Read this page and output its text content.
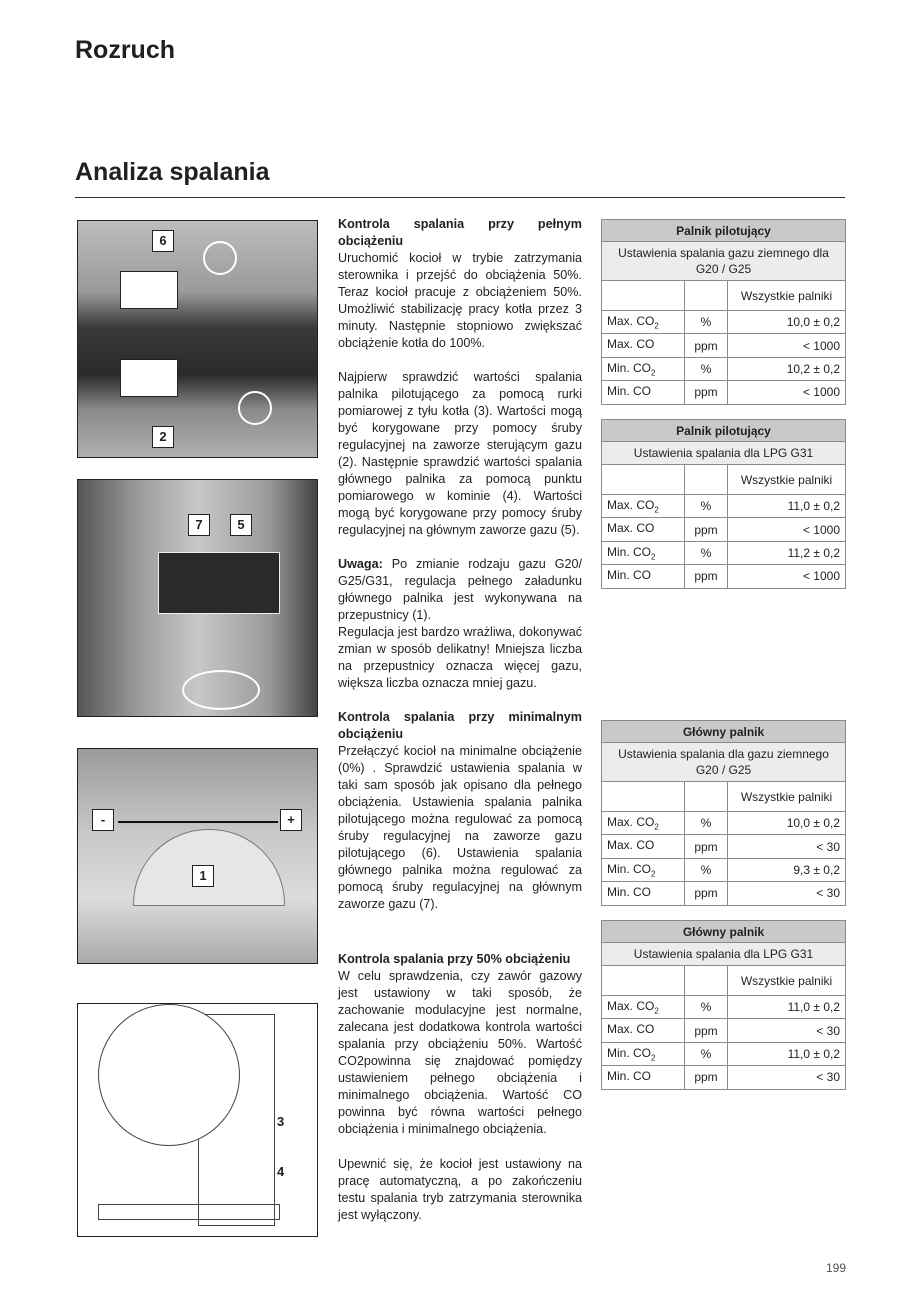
Rozruch
Analiza spalania
6
2
7	5
-	+
1
3
4

Kontrola spalania przy pełnym obciążeniu

Uruchomić kocioł w trybie zatrzymania sterownika i przejść do obciążenia 50%. Teraz kocioł pracuje z obciążeniem 50%. Umożliwić stabilizację pracy kotła przez 3 minuty. Następnie stopniowo zwiększać obciążenie kotła do 100%.

Najpierw sprawdzić wartości spalania palnika pilotującego za pomocą rurki pomiarowej z tyłu kotła (3). Wartości mogą być korygowane przy pomocy śruby regulacyjnej na zaworze sterującym gazu (2). Następnie sprawdzić wartości spalania głównego palnika za pomocą punktu pomiarowego w kominie (4). Wartości mogą być korygowane przy pomocy śruby regulacyjnej na głównym zaworze gazu (5).

Uwaga: Po zmianie rodzaju gazu G20/ G25/G31, regulacja pełnego załadunku głównego palnika jest wykonywana na przepustnicy (1).

Regulacja jest bardzo wrażliwa, dokonywać zmian w sposób delikatny! Mniejsza liczba na przepustnicy oznacza więcej gazu, większa liczba oznacza mniej gazu.

Kontrola spalania przy minimalnym obciążeniu

Przełączyć kocioł na minimalne obciążenie (0%) . Sprawdzić ustawienia spalania w taki sam sposób jak opisano dla pełnego obciążenia. Ustawienia spalania palnika pilotującego można regulować za pomocą śruby regulacyjnej na zaworze gazu pilotującego (6). Ustawienia spalania głównego palnika można regulować za pomocą śruby regulacyjnej na głównym zaworze gazu (7).

Kontrola spalania przy 50% obciążeniu

W celu sprawdzenia, czy zawór gazowy jest ustawiony w taki sposób, że zachowanie modulacyjne jest normalne, zalecana jest dodatkowa kontrola wartości spalania przy obciążeniu 50%. Wartość CO2powinna się znajdować pomiędzy ustawieniem pełnego obciążenia i minimalnego obciążenia. Wartość CO powinna być równa wartości pełnego obciążenia i minimalnego obciążenia.

Upewnić się, że kocioł jest ustawiony na pracę automatyczną, a po zakończeniu testu spalania tryb zatrzymania sterownika jest wyłączony.
Palnik pilotujący		
Ustawienia spalania gazu ziemnego dla G20 / G25		
		Wszystkie palniki
Max. $CO_2$	%	10,0 ± 0,2
Max. CO	ppm	< 1000
Min. $CO_2$	%	10,2 ± 0,2
Min. CO	ppm	< 1000
Palnik pilotujący		
Ustawienia spalania dla LPG G31		
		Wszystkie palniki
Max. $CO_2$	%	11,0 ± 0,2
Max. CO	ppm	< 1000
Min. $CO_2$	%	11,2 ± 0,2
Min. CO	ppm	< 1000
Główny palnik		
Ustawienia spalania dla gazu ziemnego G20 / G25		
		Wszystkie palniki
Max. $CO_2$	%	10,0 ± 0,2
Max. CO	ppm	< 30
Min. $CO_2$	%	9,3 ± 0,2
Min. CO	ppm	< 30
Główny palnik		
Ustawienia spalania dla LPG G31		
		Wszystkie palniki
Max. $CO_2$	%	11,0 ± 0,2
Max. CO	ppm	< 30
Min. $CO_2$	%	11,0 ± 0,2
Min. CO	ppm	< 30
199
